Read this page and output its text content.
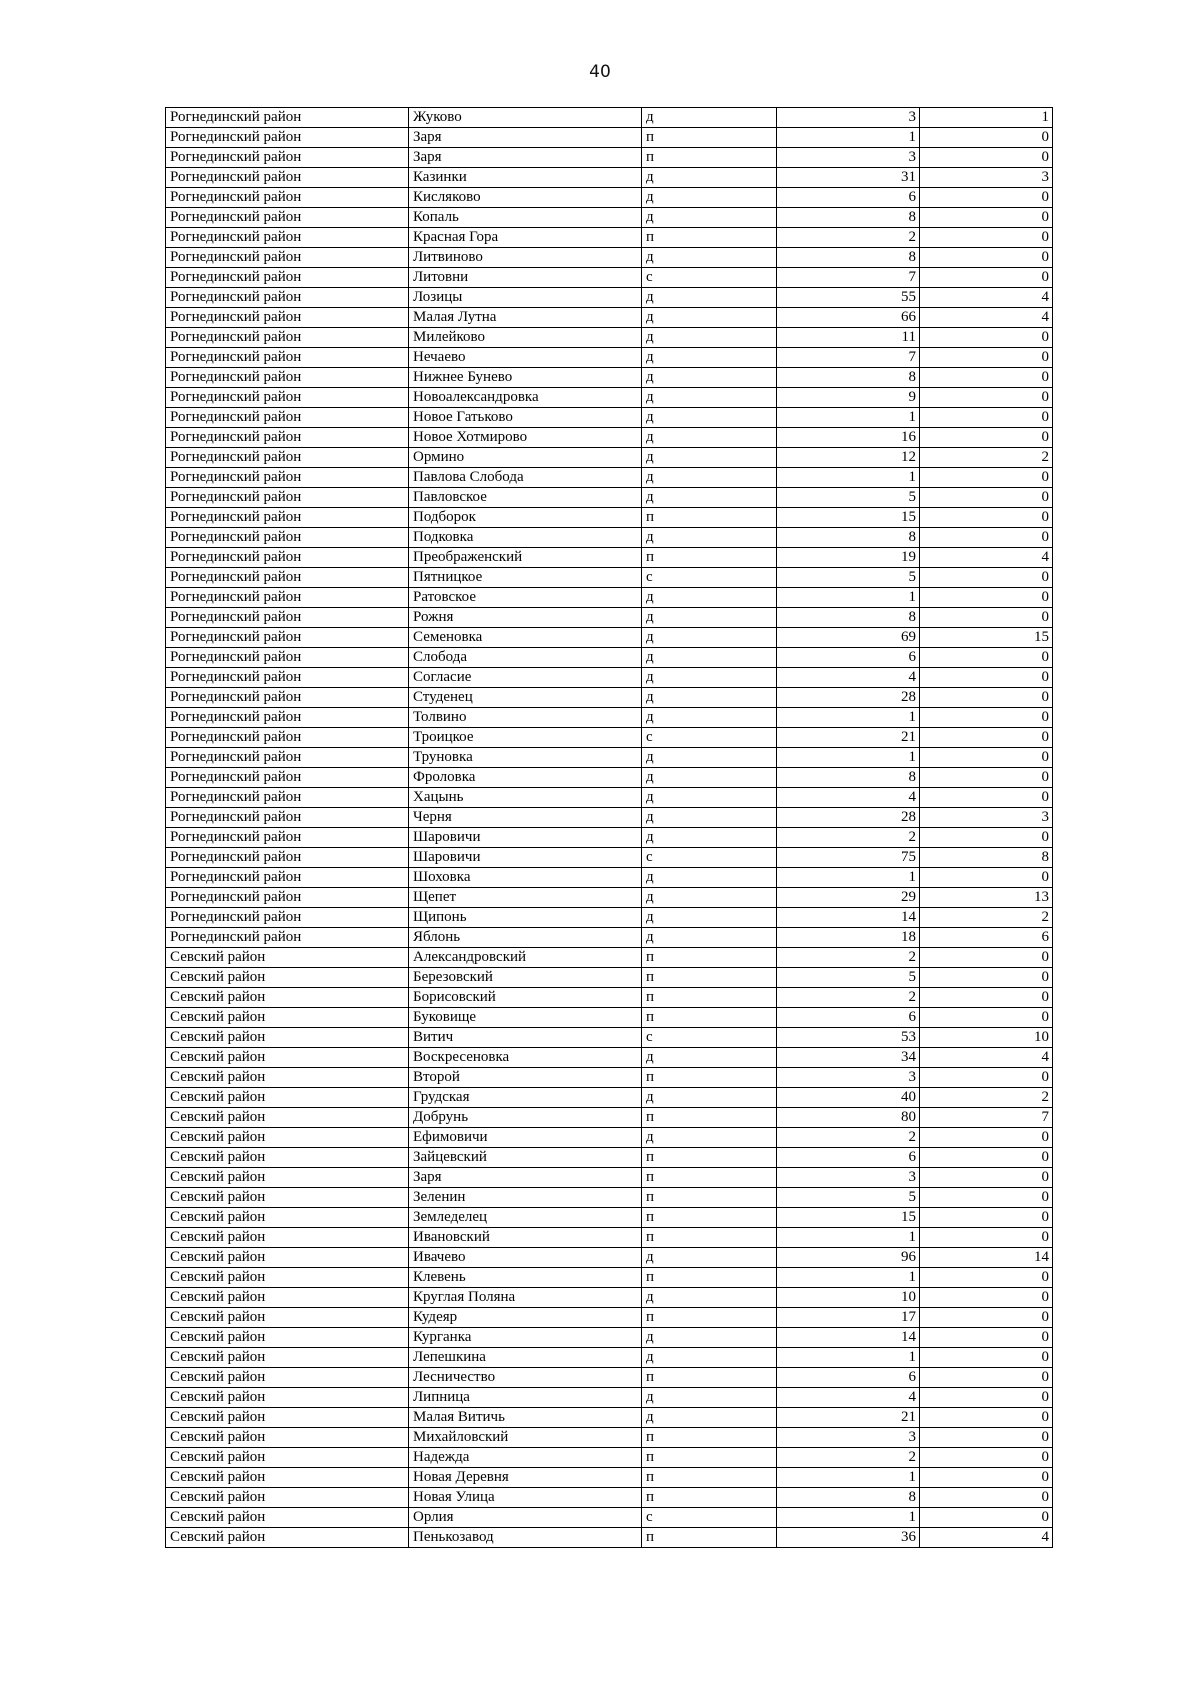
40
Рогнединский район	Жуково	д	3	1
Рогнединский район	Заря	п	1	0
Рогнединский район	Заря	п	3	0
Рогнединский район	Казинки	д	31	3
Рогнединский район	Кисляково	д	6	0
Рогнединский район	Копаль	д	8	0
Рогнединский район	Красная Гора	п	2	0
Рогнединский район	Литвиново	д	8	0
Рогнединский район	Литовни	с	7	0
Рогнединский район	Лозицы	д	55	4
Рогнединский район	Малая Лутна	д	66	4
Рогнединский район	Милейково	д	11	0
Рогнединский район	Нечаево	д	7	0
Рогнединский район	Нижнее Бунево	д	8	0
Рогнединский район	Новоалександровка	д	9	0
Рогнединский район	Новое Гатьково	д	1	0
Рогнединский район	Новое Хотмирово	д	16	0
Рогнединский район	Ормино	д	12	2
Рогнединский район	Павлова Слобода	д	1	0
Рогнединский район	Павловское	д	5	0
Рогнединский район	Подборок	п	15	0
Рогнединский район	Подковка	д	8	0
Рогнединский район	Преображенский	п	19	4
Рогнединский район	Пятницкое	с	5	0
Рогнединский район	Ратовское	д	1	0
Рогнединский район	Рожня	д	8	0
Рогнединский район	Семеновка	д	69	15
Рогнединский район	Слобода	д	6	0
Рогнединский район	Согласие	д	4	0
Рогнединский район	Студенец	д	28	0
Рогнединский район	Толвино	д	1	0
Рогнединский район	Троицкое	с	21	0
Рогнединский район	Труновка	д	1	0
Рогнединский район	Фроловка	д	8	0
Рогнединский район	Хацынь	д	4	0
Рогнединский район	Черня	д	28	3
Рогнединский район	Шаровичи	д	2	0
Рогнединский район	Шаровичи	с	75	8
Рогнединский район	Шоховка	д	1	0
Рогнединский район	Щепет	д	29	13
Рогнединский район	Щипонь	д	14	2
Рогнединский район	Яблонь	д	18	6
Севский район	Александровский	п	2	0
Севский район	Березовский	п	5	0
Севский район	Борисовский	п	2	0
Севский район	Буковище	п	6	0
Севский район	Витич	с	53	10
Севский район	Воскресеновка	д	34	4
Севский район	Второй	п	3	0
Севский район	Грудская	д	40	2
Севский район	Добрунь	п	80	7
Севский район	Ефимовичи	д	2	0
Севский район	Зайцевский	п	6	0
Севский район	Заря	п	3	0
Севский район	Зеленин	п	5	0
Севский район	Земледелец	п	15	0
Севский район	Ивановский	п	1	0
Севский район	Ивачево	д	96	14
Севский район	Клевень	п	1	0
Севский район	Круглая Поляна	д	10	0
Севский район	Кудеяр	п	17	0
Севский район	Курганка	д	14	0
Севский район	Лепешкина	д	1	0
Севский район	Лесничество	п	6	0
Севский район	Липница	д	4	0
Севский район	Малая Витичь	д	21	0
Севский район	Михайловский	п	3	0
Севский район	Надежда	п	2	0
Севский район	Новая Деревня	п	1	0
Севский район	Новая Улица	п	8	0
Севский район	Орлия	с	1	0
Севский район	Пенькозавод	п	36	4
